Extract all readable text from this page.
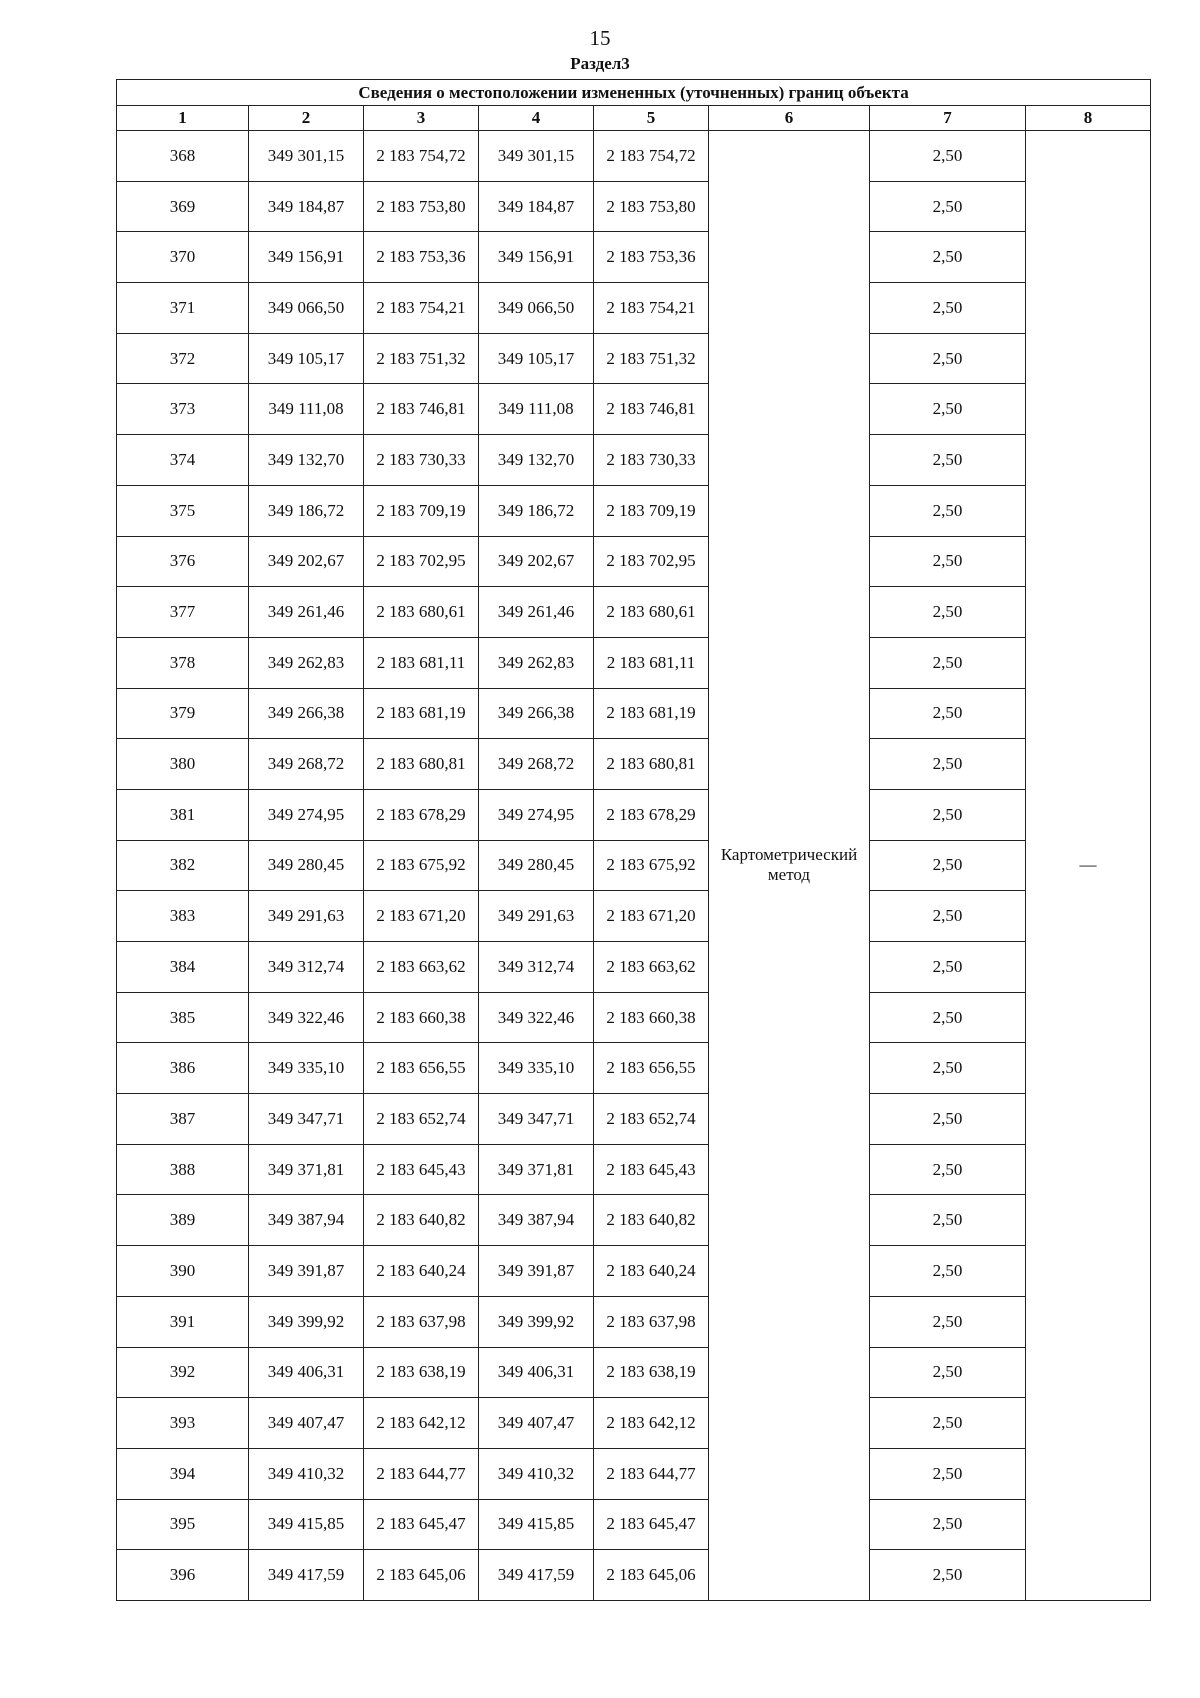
15
Раздел3
Сведения о местоположении измененных (уточненных) границ объекта							
1	2	3	4	5	6	7	8
368	349 301,15	2 183 754,72	349 301,15	2 183 754,72	Картометрический метод	2,50	—
369	349 184,87	2 183 753,80	349 184,87	2 183 753,80		2,50	
370	349 156,91	2 183 753,36	349 156,91	2 183 753,36		2,50	
371	349 066,50	2 183 754,21	349 066,50	2 183 754,21		2,50	
372	349 105,17	2 183 751,32	349 105,17	2 183 751,32		2,50	
373	349 111,08	2 183 746,81	349 111,08	2 183 746,81		2,50	
374	349 132,70	2 183 730,33	349 132,70	2 183 730,33		2,50	
375	349 186,72	2 183 709,19	349 186,72	2 183 709,19		2,50	
376	349 202,67	2 183 702,95	349 202,67	2 183 702,95		2,50	
377	349 261,46	2 183 680,61	349 261,46	2 183 680,61		2,50	
378	349 262,83	2 183 681,11	349 262,83	2 183 681,11		2,50	
379	349 266,38	2 183 681,19	349 266,38	2 183 681,19		2,50	
380	349 268,72	2 183 680,81	349 268,72	2 183 680,81		2,50	
381	349 274,95	2 183 678,29	349 274,95	2 183 678,29		2,50	
382	349 280,45	2 183 675,92	349 280,45	2 183 675,92		2,50	
383	349 291,63	2 183 671,20	349 291,63	2 183 671,20		2,50	
384	349 312,74	2 183 663,62	349 312,74	2 183 663,62		2,50	
385	349 322,46	2 183 660,38	349 322,46	2 183 660,38		2,50	
386	349 335,10	2 183 656,55	349 335,10	2 183 656,55		2,50	
387	349 347,71	2 183 652,74	349 347,71	2 183 652,74		2,50	
388	349 371,81	2 183 645,43	349 371,81	2 183 645,43		2,50	
389	349 387,94	2 183 640,82	349 387,94	2 183 640,82		2,50	
390	349 391,87	2 183 640,24	349 391,87	2 183 640,24		2,50	
391	349 399,92	2 183 637,98	349 399,92	2 183 637,98		2,50	
392	349 406,31	2 183 638,19	349 406,31	2 183 638,19		2,50	
393	349 407,47	2 183 642,12	349 407,47	2 183 642,12		2,50	
394	349 410,32	2 183 644,77	349 410,32	2 183 644,77		2,50	
395	349 415,85	2 183 645,47	349 415,85	2 183 645,47		2,50	
396	349 417,59	2 183 645,06	349 417,59	2 183 645,06		2,50	
